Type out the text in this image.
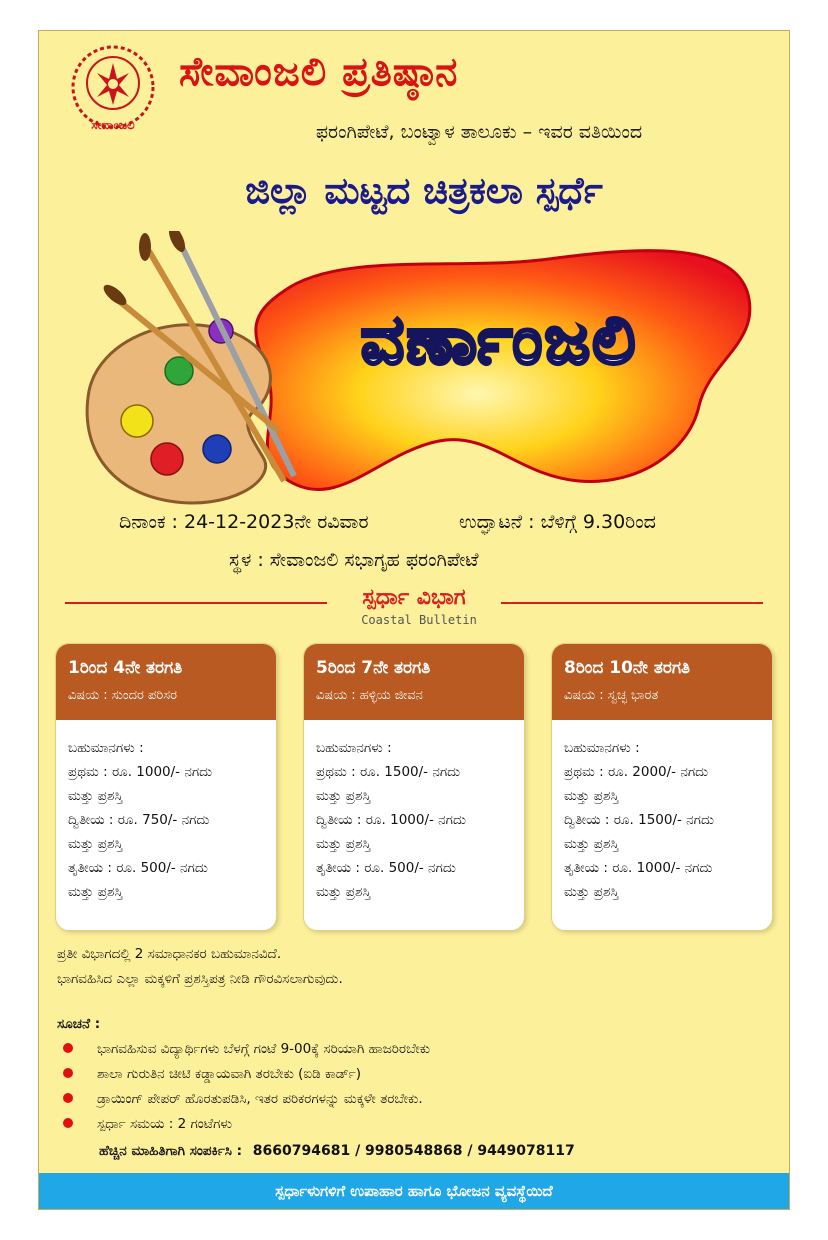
ಸೇವಾಂಜಲಿ
ಸೇವಾಂಜಲಿ ಪ್ರತಿಷ್ಠಾನ
ಫರಂಗಿಪೇಟೆ, ಬಂಟ್ವಾಳ ತಾಲೂಕು – ಇವರ ವತಿಯಿಂದ
ಜಿಲ್ಲಾ ಮಟ್ಟದ ಚಿತ್ರಕಲಾ ಸ್ಪರ್ಧೆ
ವರ್ಣಾಂಜಲಿ
ದಿನಾಂಕ : 24-12-2023ನೇ ರವಿವಾರ	ಉದ್ಘಾಟನೆ : ಬೆಳಿಗ್ಗೆ 9.30ರಿಂದ
ಸ್ಥಳ : ಸೇವಾಂಜಲಿ ಸಭಾಗೃಹ ಫರಂಗಿಪೇಟೆ
ಸ್ಪರ್ಧಾ ವಿಭಾಗ
Coastal Bulletin
1ರಿಂದ 4ನೇ ತರಗತಿ
ವಿಷಯ : ಸುಂದರ ಪರಿಸರ
ಬಹುಮಾನಗಳು :
ಪ್ರಥಮ : ರೂ. 1000/- ನಗದು
ಮತ್ತು ಪ್ರಶಸ್ತಿ
ದ್ವಿತೀಯ : ರೂ. 750/- ನಗದು
ಮತ್ತು ಪ್ರಶಸ್ತಿ
ತೃತೀಯ : ರೂ. 500/- ನಗದು
ಮತ್ತು ಪ್ರಶಸ್ತಿ
5ರಿಂದ 7ನೇ ತರಗತಿ
ವಿಷಯ : ಹಳ್ಳಿಯ ಜೀವನ
ಬಹುಮಾನಗಳು :
ಪ್ರಥಮ : ರೂ. 1500/- ನಗದು
ಮತ್ತು ಪ್ರಶಸ್ತಿ
ದ್ವಿತೀಯ : ರೂ. 1000/- ನಗದು
ಮತ್ತು ಪ್ರಶಸ್ತಿ
ತೃತೀಯ : ರೂ. 500/- ನಗದು
ಮತ್ತು ಪ್ರಶಸ್ತಿ
8ರಿಂದ 10ನೇ ತರಗತಿ
ವಿಷಯ : ಸ್ವಚ್ಛ ಭಾರತ
ಬಹುಮಾನಗಳು :
ಪ್ರಥಮ : ರೂ. 2000/- ನಗದು
ಮತ್ತು ಪ್ರಶಸ್ತಿ
ದ್ವಿತೀಯ : ರೂ. 1500/- ನಗದು
ಮತ್ತು ಪ್ರಶಸ್ತಿ
ತೃತೀಯ : ರೂ. 1000/- ನಗದು
ಮತ್ತು ಪ್ರಶಸ್ತಿ
ಪ್ರತೀ ವಿಭಾಗದಲ್ಲಿ 2 ಸಮಾಧಾನಕರ ಬಹುಮಾನವಿದೆ.
ಭಾಗವಹಿಸಿದ ಎಲ್ಲಾ ಮಕ್ಕಳಿಗೆ ಪ್ರಶಸ್ತಿಪತ್ರ ನೀಡಿ ಗೌರವಿಸಲಾಗುವುದು.
ಸೂಚನೆ :
ಭಾಗವಹಿಸುವ ವಿದ್ಯಾರ್ಥಿಗಳು ಬೆಳಗ್ಗೆ ಗಂಟೆ 9-00ಕ್ಕೆ ಸರಿಯಾಗಿ ಹಾಜರಿರಬೇಕು
ಶಾಲಾ ಗುರುತಿನ ಚೀಟಿ ಕಡ್ಡಾಯವಾಗಿ ತರಬೇಕು (ಐಡಿ ಕಾರ್ಡ್)
ಡ್ರಾಯಿಂಗ್ ಪೇಪರ್ ಹೊರತುಪಡಿಸಿ, ಇತರ ಪರಿಕರಗಳನ್ನು ಮಕ್ಕಳೇ ತರಬೇಕು.
ಸ್ಪರ್ಧಾ ಸಮಯ : 2 ಗಂಟೆಗಳು
ಹೆಚ್ಚಿನ ಮಾಹಿತಿಗಾಗಿ ಸಂಪರ್ಕಿಸಿ : 8660794681 / 9980548868 / 9449078117
ಸ್ಪರ್ಧಾಳುಗಳಿಗೆ ಉಪಾಹಾರ ಹಾಗೂ ಭೋಜನ ವ್ಯವಸ್ಥೆಯಿದೆ
